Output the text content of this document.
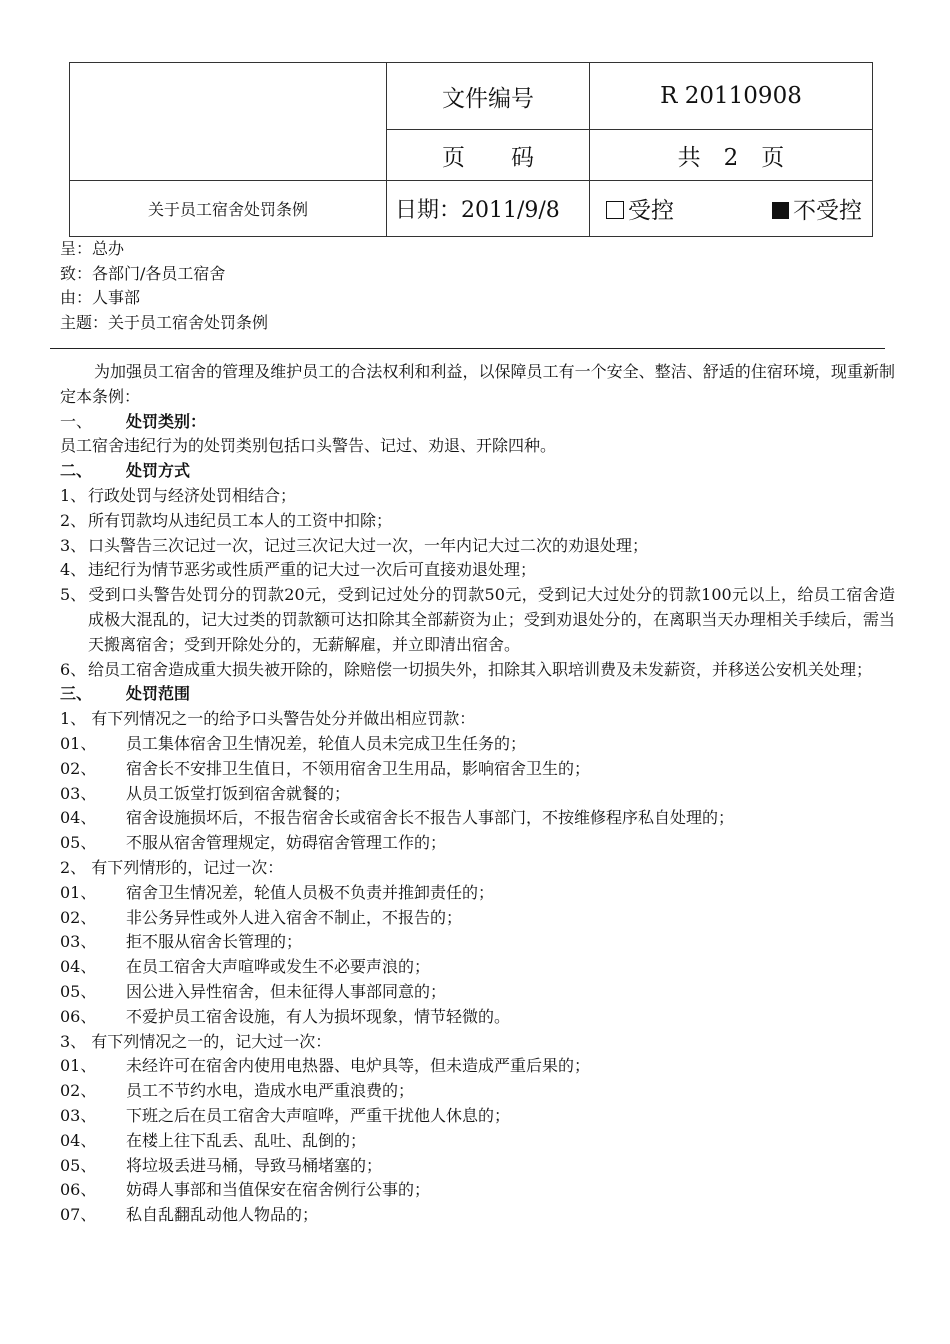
	文件编号	R 20110908
	页　　码	共　2　页
关于员工宿舍处罚条例	日期：2011/9/8	受控 不受控
呈：总办
致：各部门/各员工宿舍
由：人事部
主题：关于员工宿舍处罚条例

为加强员工宿舍的管理及维护员工的合法权利和利益，以保障员工有一个安全、整洁、舒适的住宿环境，现重新制定本条例：

一、 处罚类别：

员工宿舍违纪行为的处罚类别包括口头警告、记过、劝退、开除四种。

二、 处罚方式

1、 行政处罚与经济处罚相结合；

2、 所有罚款均从违纪员工本人的工资中扣除；

3、 口头警告三次记过一次，记过三次记大过一次，一年内记大过二次的劝退处理；

4、 违纪行为情节恶劣或性质严重的记大过一次后可直接劝退处理；

5、 受到口头警告处罚分的罚款20元，受到记过处分的罚款50元，受到记大过处分的罚款100元以上，给员工宿舍造成极大混乱的，记大过类的罚款额可达扣除其全部薪资为止；受到劝退处分的，在离职当天办理相关手续后，需当天搬离宿舍；受到开除处分的，无薪解雇，并立即清出宿舍。

6、 给员工宿舍造成重大损失被开除的，除赔偿一切损失外，扣除其入职培训费及未发薪资，并移送公安机关处理；

三、 处罚范围

1、 有下列情况之一的给予口头警告处分并做出相应罚款：

01、	员工集体宿舍卫生情况差，轮值人员未完成卫生任务的；

02、	宿舍长不安排卫生值日，不领用宿舍卫生用品，影响宿舍卫生的；

03、	从员工饭堂打饭到宿舍就餐的；

04、	宿舍设施损坏后，不报告宿舍长或宿舍长不报告人事部门，不按维修程序私自处理的；

05、	不服从宿舍管理规定，妨碍宿舍管理工作的；

2、 有下列情形的，记过一次：

01、	宿舍卫生情况差，轮值人员极不负责并推卸责任的；

02、	非公务异性或外人进入宿舍不制止，不报告的；

03、	拒不服从宿舍长管理的；

04、	在员工宿舍大声喧哗或发生不必要声浪的；

05、	因公进入异性宿舍，但未征得人事部同意的；

06、	不爱护员工宿舍设施，有人为损坏现象，情节轻微的。

3、 有下列情况之一的，记大过一次：

01、	未经许可在宿舍内使用电热器、电炉具等，但未造成严重后果的；

02、	员工不节约水电，造成水电严重浪费的；

03、	下班之后在员工宿舍大声喧哗，严重干扰他人休息的；

04、	在楼上往下乱丢、乱吐、乱倒的；

05、	将垃圾丢进马桶，导致马桶堵塞的；

06、	妨碍人事部和当值保安在宿舍例行公事的；

07、	私自乱翻乱动他人物品的；
